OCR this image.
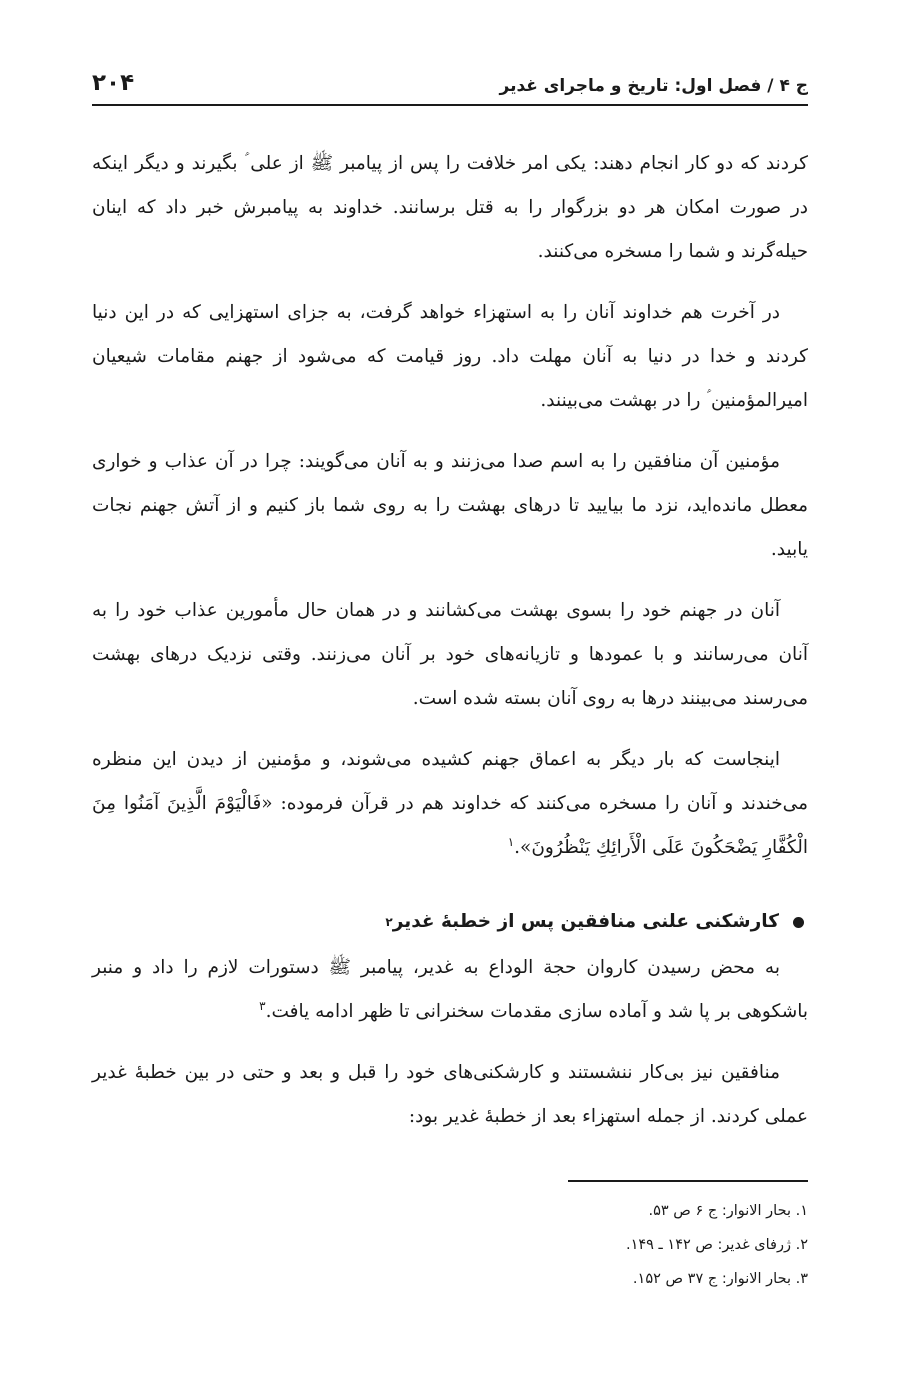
ج ۴ / فصل اول: تاریخ و ماجرای غدیر
۲۰۴

کردند که دو کار انجام دهند: یکی امر خلافت را پس از پیامبر ﷺ از علی ؑ بگیرند و دیگر اینکه در صورت امکان هر دو بزرگوار را به قتل برسانند. خداوند به پیامبرش خبر داد که اینان حیله‌گرند و شما را مسخره می‌کنند.

در آخرت هم خداوند آنان را به استهزاء خواهد گرفت، به جزای استهزایی که در این دنیا کردند و خدا در دنیا به آنان مهلت داد. روز قیامت که می‌شود از جهنم مقامات شیعیان امیرالمؤمنین ؑ را در بهشت می‌بینند.

مؤمنین آن منافقین را به اسم صدا می‌زنند و به آنان می‌گویند: چرا در آن عذاب و خواری معطل مانده‌اید، نزد ما بیایید تا درهای بهشت را به روی شما باز کنیم و از آتش جهنم نجات یابید.

آنان در جهنم خود را بسوی بهشت می‌کشانند و در همان حال مأمورین عذاب خود را به آنان می‌رسانند و با عمودها و تازیانه‌های خود بر آنان می‌زنند. وقتی نزدیک درهای بهشت می‌رسند می‌بینند درها به روی آنان بسته شده است.

اینجاست که بار دیگر به اعماق جهنم کشیده می‌شوند، و مؤمنین از دیدن این منظره می‌خندند و آنان را مسخره می‌کنند که خداوند هم در قرآن فرموده: «فَالْيَوْمَ الَّذِينَ آمَنُوا مِنَ الْكُفَّارِ يَضْحَكُونَ عَلَى الْأَرائِكِ يَنْظُرُونَ».$^۱$

کارشکنی علنی منافقین پس از خطبهٔ غدیر
۲

به محض رسیدن کاروان حجة الوداع به غدیر، پیامبر ﷺ دستورات لازم را داد و منبر باشکوهی بر پا شد و آماده سازی مقدمات سخنرانی تا ظهر ادامه یافت.$^۳$

منافقین نیز بی‌کار ننشستند و کارشکنی‌های خود را قبل و بعد و حتی در بین خطبهٔ غدیر عملی کردند. از جمله استهزاء بعد از خطبهٔ غدیر بود:

۱. بحار الانوار: ج ۶ ص ۵۳.
۲. ژرفای غدیر: ص ۱۴۲ ـ ۱۴۹.
۳. بحار الانوار: ج ۳۷ ص ۱۵۲.
